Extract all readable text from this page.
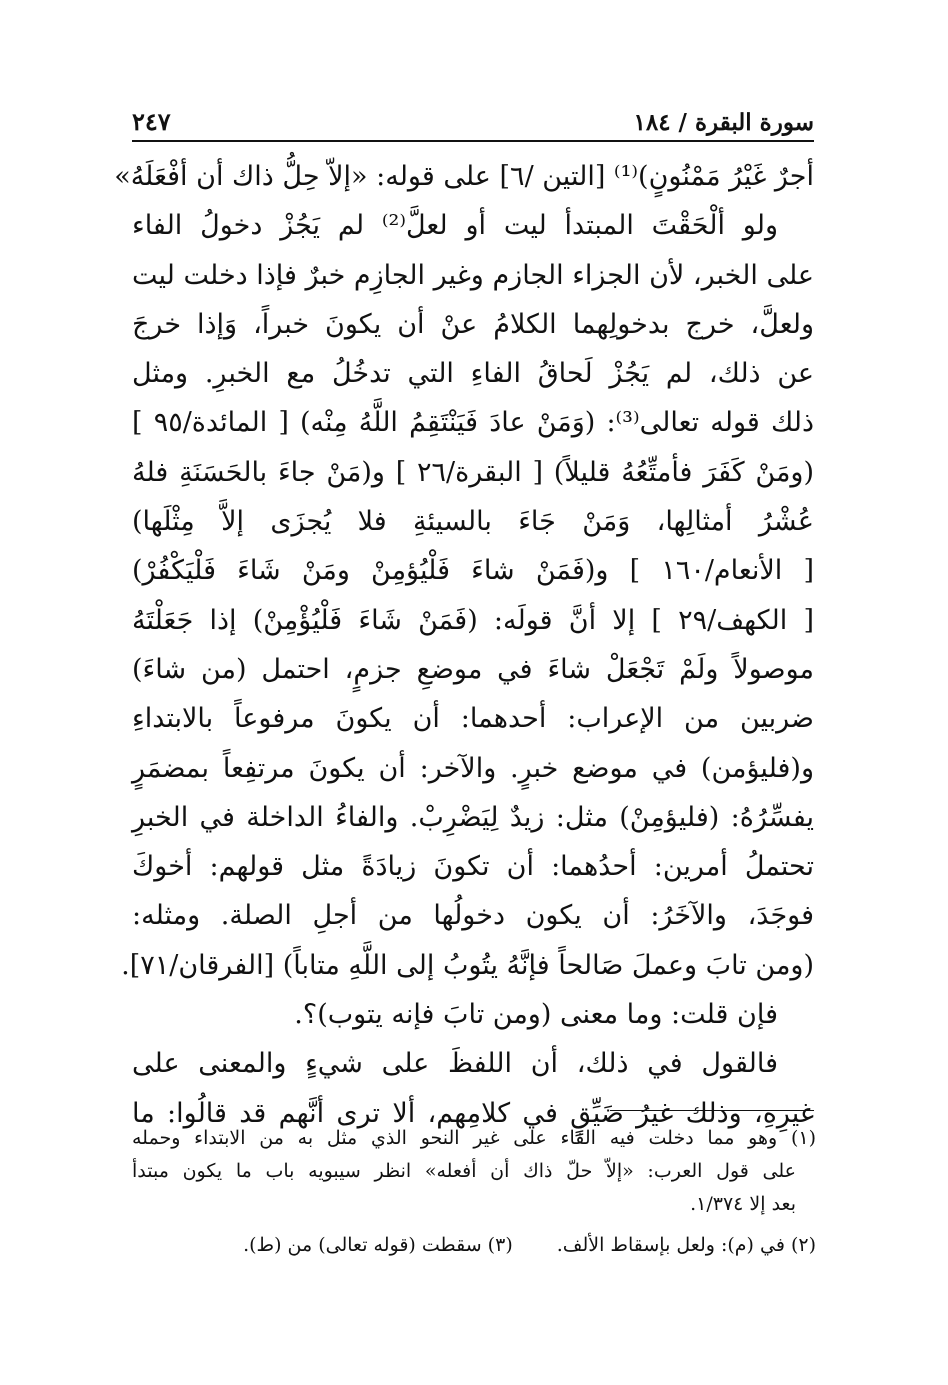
سورة البقرة / ١٨٤
٢٤٧
أجرٌ غَيْرُ مَمْنُونٍ)⁽¹⁾ [التين /٦] على قوله: «إلاّ حِلُّ ذاك أن أفْعَلَهُ»
ولو ألْحَقْتَ المبتدأ ليت أو لعلَّ⁽²⁾ لم يَجُزْ دخولُ الفاء
على الخبر، لأن الجزاء الجازم وغير الجازِم خبرٌ فإذا دخلت ليت
ولعلَّ، خرج بدخولِهما الكلامُ عنْ أن يكونَ خبراً، وَإذا خرجَ
عن ذلك، لم يَجُزْ لَحاقُ الفاءِ التي تدخُلُ مع الخبرِ. ومثل
ذلك قوله تعالى⁽³⁾: (وَمَنْ عادَ فَيَنْتَقِمُ اللَّهُ مِنْه) [ المائدة/٩٥ ]
(ومَنْ كَفَرَ فأمتِّعُهُ قليلاً) [ البقرة/٢٦ ] و(مَنْ جاءَ بالحَسَنَةِ فلهُ
عُشْرُ أمثالِها، وَمَنْ جَاءَ بالسيئةِ فلا يُجزَى إلاَّ مِثْلَها)
[ الأنعام/١٦٠ ] و(فَمَنْ شاءَ فَلْيُؤمِنْ ومَنْ شَاءَ فَلْيَكْفُرْ)
[ الكهف/٢٩ ] إلا أنَّ قولَه: (فَمَنْ شَاءَ فَلْيُؤْمِنْ) إذا جَعَلْتَهُ
موصولاً ولَمْ تَجْعَلْ شاءَ في موضعِ جزمٍ، احتمل (من شاءَ)
ضربين من الإعراب: أحدهما: أن يكونَ مرفوعاً بالابتداءِ
و(فليؤمن) في موضع خبرٍ. والآخر: أن يكونَ مرتفِعاً بمضمَرٍ
يفسِّرُهُ: (فليؤمِنْ) مثل: زيدٌ لِيَضْرِبْ. والفاءُ الداخلة في الخبرِ
تحتملُ أمرين: أحدُهما: أن تكونَ زيادَةً مثل قولهم: أخوكَ
فوجَدَ، والآخَرُ: أن يكون دخولُها من أجلِ الصلة. ومثله:
(ومن تابَ وعملَ صَالحاً فإنَّهُ يتُوبُ إلى اللَّهِ متاباً) [الفرقان/٧١].
فإن قلت: وما معنى (ومن تابَ فإنه يتوب)؟.
فالقول في ذلك، أن اللفظَ على شيءٍ والمعنى على
غيرِهِ، وذلك غيرُ ضَيِّقٍ في كلامِهم، ألا ترى أنَّهم قد قالُوا: ما
(١) وهو مما دخلت فيه الفاء على غير النحو الذي مثل به من الابتداء وحمله
على قول العرب: «إلاّ حلّ ذاك أن أفعله» انظر سيبويه باب ما يكون مبتدأ
بعد إلا ١/٣٧٤.
(٢) في (م): ولعل بإسقاط الألف.
(٣) سقطت (قوله تعالى) من (ط).
